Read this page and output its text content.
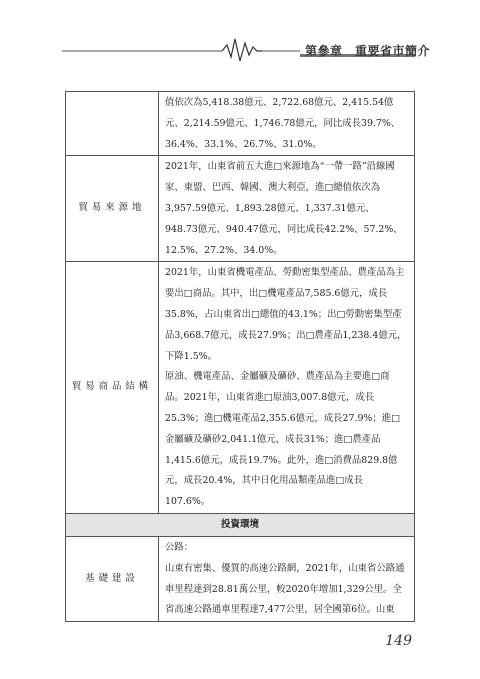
第參章　重要省市簡介

	值依次為5,418.38億元、2,722.68億元、2,415.54億元、2,214.59億元、1,746.78億元，同比成長39.7%、36.4%、33.1%、26.7%、31.0%。

貿易來源地	2021年，山東省前五大進□來源地為“一帶一路”沿線國家、東盟、巴西、韓國、澳大利亞，進□總值依次為3,957.59億元、1,893.28億元、1,337.31億元、948.73億元、940.47億元，同比成長42.2%、57.2%、12.5%、27.2%、34.0%。

貿易商品結構	2021年，山東省機電產品、勞動密集型產品、農產品為主要出□商品。其中，出□機電產品7,585.6億元，成長35.8%，占山東省出□總值的43.1%；出□勞動密集型產品3,668.7億元，成長27.9%；出□農產品1,238.4億元，下降1.5%。

原油、機電產品、金屬礦及礦砂、農產品為主要進□商品。2021年，山東省進□原油3,007.8億元，成長25.3%；進□機電產品2,355.6億元，成長27.9%；進□金屬礦及礦砂2,041.1億元，成長31%；進□農產品1,415.6億元，成長19.7%。此外，進□消費品829.8億元，成長20.4%，其中日化用品類產品進□成長107.6%。

投資環境	
基礎建設	公路：

山東有密集、優質的高速公路網，2021年，山東省公路通車里程達到28.81萬公里，較2020年增加1,329公里。全省高速公路通車里程達7,477公里，居全國第6位。山東

149
